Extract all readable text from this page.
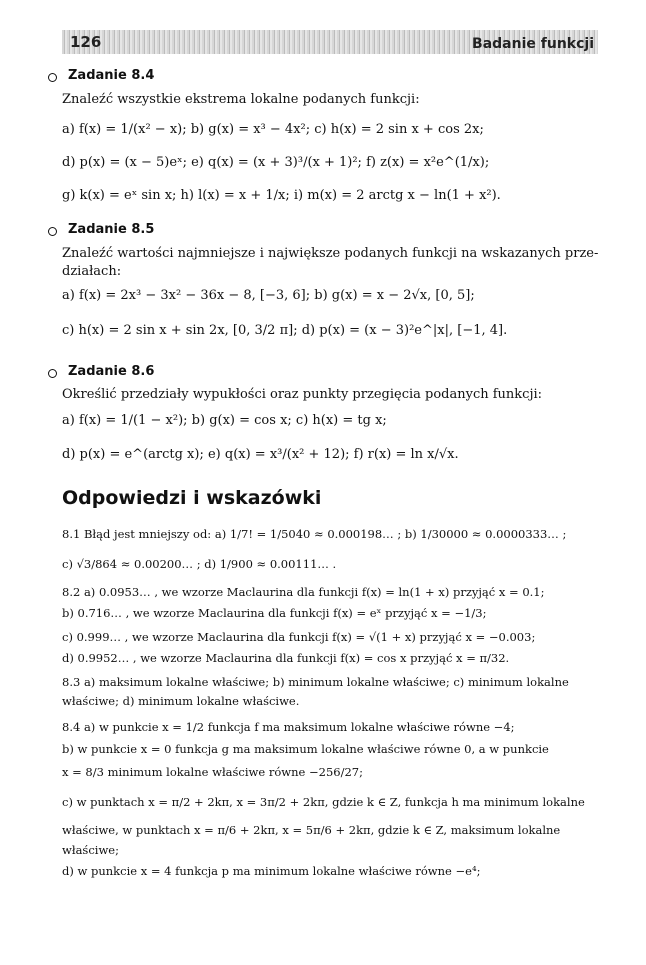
126	Badanie funkcji
Zadanie 8.4
Znaleźć wszystkie ekstrema lokalne podanych funkcji:
a) f(x) = 1/(x² − x); b) g(x) = x³ − 4x²; c) h(x) = 2 sin x + cos 2x;
d) p(x) = (x − 5)eˣ; e) q(x) = (x + 3)³/(x + 1)²; f) z(x) = x²e^(1/x);
g) k(x) = eˣ sin x; h) l(x) = x + 1/x; i) m(x) = 2 arctg x − ln(1 + x²).
Zadanie 8.5
Znaleźć wartości najmniejsze i największe podanych funkcji na wskazanych prze-
działach:
a) f(x) = 2x³ − 3x² − 36x − 8, [−3, 6]; b) g(x) = x − 2√x, [0, 5];
c) h(x) = 2 sin x + sin 2x, [0, 3/2 π]; d) p(x) = (x − 3)²e^|x|, [−1, 4].
Zadanie 8.6
Określić przedziały wypukłości oraz punkty przegięcia podanych funkcji:
a) f(x) = 1/(1 − x²); b) g(x) = cos x; c) h(x) = tg x;
d) p(x) = e^(arctg x); e) q(x) = x³/(x² + 12); f) r(x) = ln x/√x.
Odpowiedzi i wskazówki
8.1 Błąd jest mniejszy od: a) 1/7! = 1/5040 ≈ 0.000198… ; b) 1/30000 ≈ 0.0000333… ;
c) √3/864 ≈ 0.00200… ; d) 1/900 ≈ 0.00111… .
8.2 a) 0.0953… , we wzorze Maclaurina dla funkcji f(x) = ln(1 + x) przyjąć x = 0.1;
b) 0.716… , we wzorze Maclaurina dla funkcji f(x) = eˣ przyjąć x = −1/3;
c) 0.999… , we wzorze Maclaurina dla funkcji f(x) = √(1 + x) przyjąć x = −0.003;
d) 0.9952… , we wzorze Maclaurina dla funkcji f(x) = cos x przyjąć x = π/32.
8.3 a) maksimum lokalne właściwe; b) minimum lokalne właściwe; c) minimum lokalne
właściwe; d) minimum lokalne właściwe.
8.4 a) w punkcie x = 1/2 funkcja f ma maksimum lokalne właściwe równe −4;
b) w punkcie x = 0 funkcja g ma maksimum lokalne właściwe równe 0, a w punkcie
x = 8/3 minimum lokalne właściwe równe −256/27;
c) w punktach x = π/2 + 2kπ, x = 3π/2 + 2kπ, gdzie k ∈ Z, funkcja h ma minimum lokalne
właściwe, w punktach x = π/6 + 2kπ, x = 5π/6 + 2kπ, gdzie k ∈ Z, maksimum lokalne
właściwe;
d) w punkcie x = 4 funkcja p ma minimum lokalne właściwe równe −e⁴;
